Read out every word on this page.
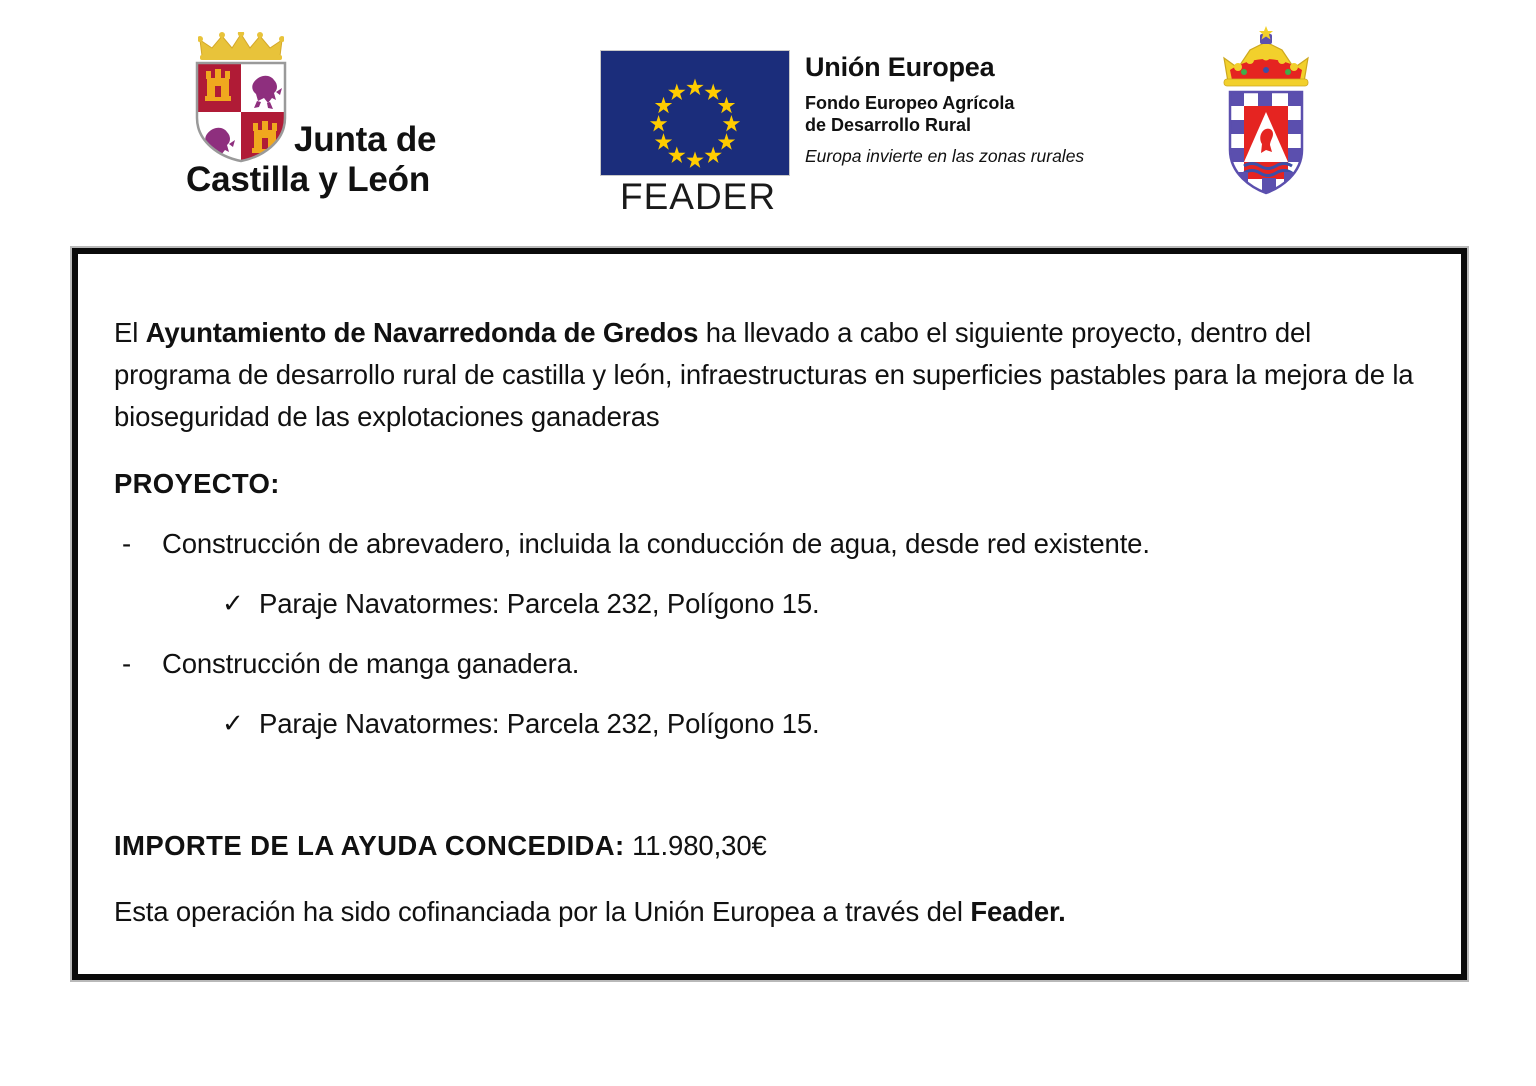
Junta de
Castilla y León	FEADER
Unión Europea
Fondo Europeo Agrícola
de Desarrollo Rural
Europa invierte en las zonas rurales

El Ayuntamiento de Navarredonda de Gredos ha llevado a cabo el siguiente proyecto, dentro del programa de desarrollo rural de castilla y león, infraestructuras en superficies pastables para la mejora de la bioseguridad de las explotaciones ganaderas

PROYECTO:

- Construcción de abrevadero, incluida la conducción de agua, desde red existente.
✓ Paraje Navatormes: Parcela 232, Polígono 15.
- Construcción de manga ganadera.
✓ Paraje Navatormes: Parcela 232, Polígono 15.

IMPORTE DE LA AYUDA CONCEDIDA: 11.980,30€

Esta operación ha sido cofinanciada por la Unión Europea a través del Feader.
